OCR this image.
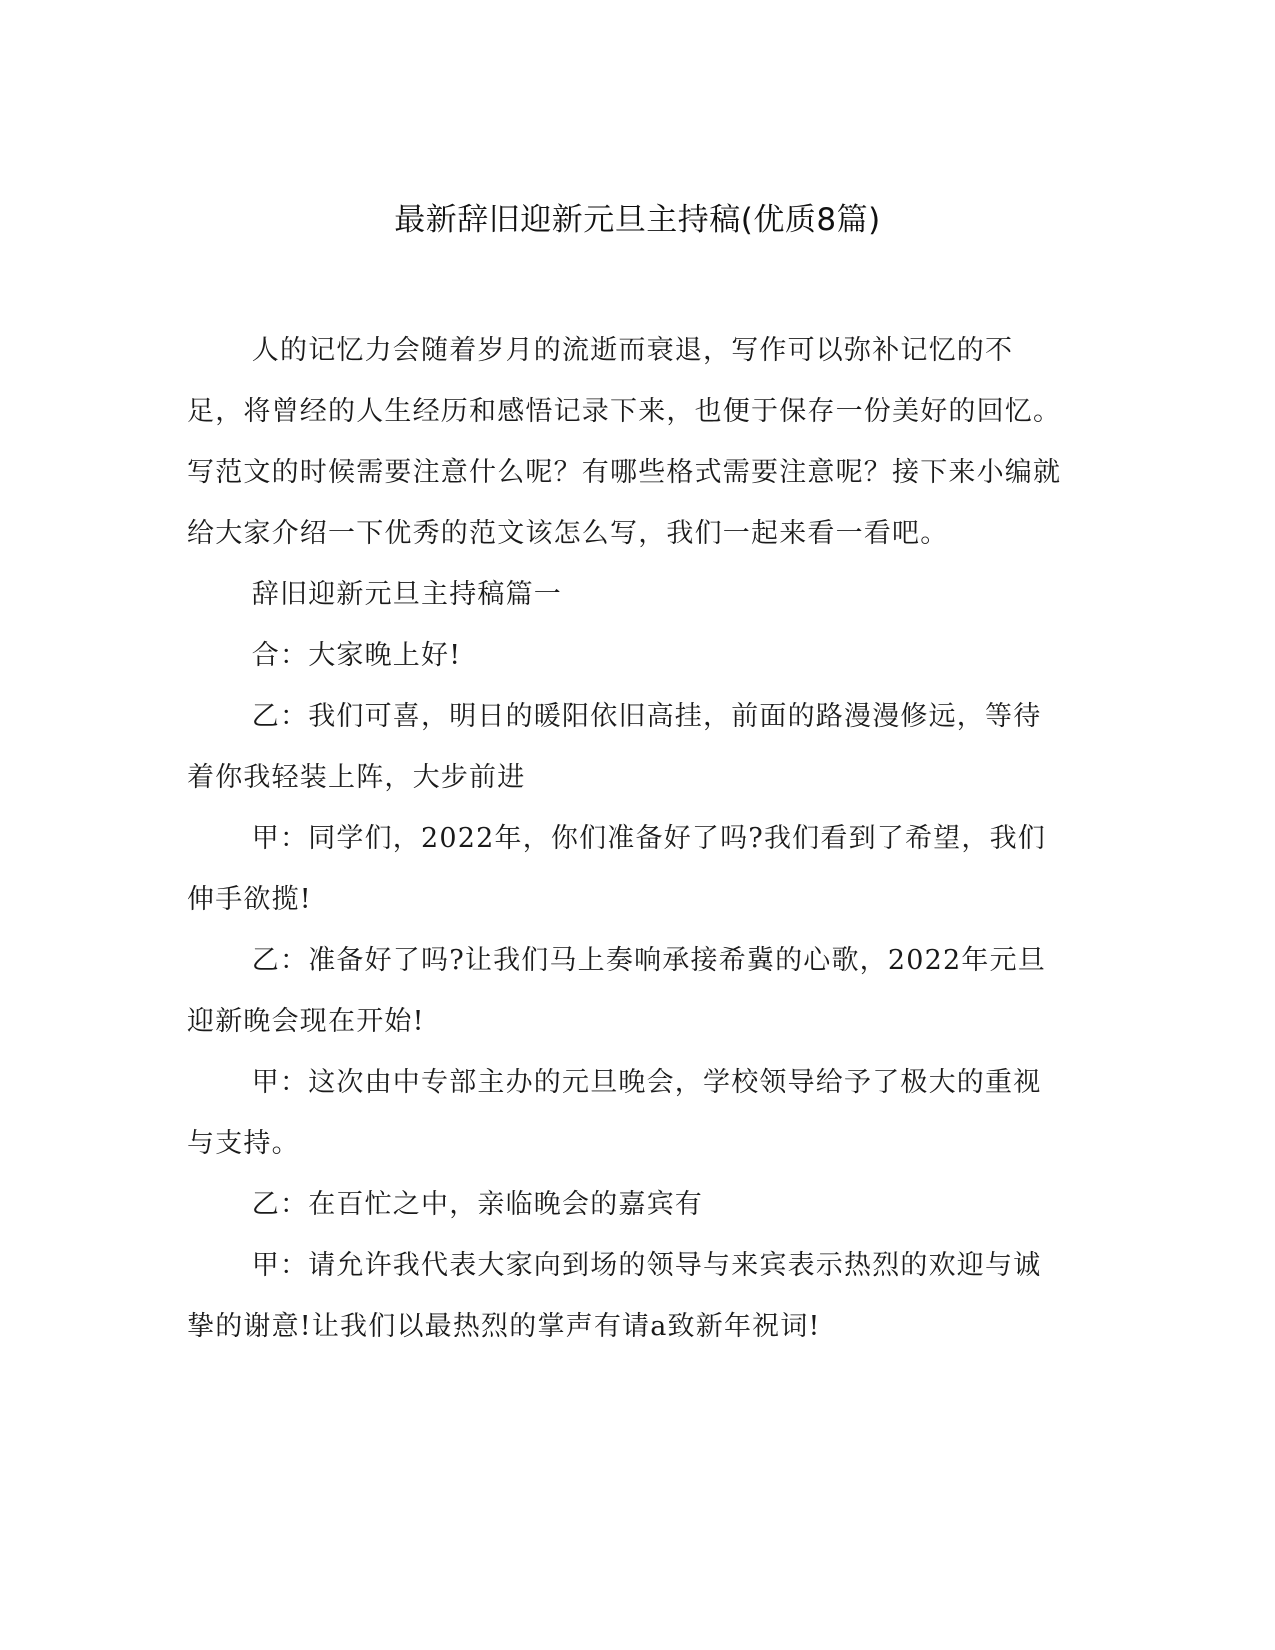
最新辞旧迎新元旦主持稿(优质8篇)

人的记忆力会随着岁月的流逝而衰退，写作可以弥补记忆的不足，将曾经的人生经历和感悟记录下来，也便于保存一份美好的回忆。写范文的时候需要注意什么呢？有哪些格式需要注意呢？接下来小编就给大家介绍一下优秀的范文该怎么写，我们一起来看一看吧。

辞旧迎新元旦主持稿篇一

合：大家晚上好!

乙：我们可喜，明日的暖阳依旧高挂，前面的路漫漫修远，等待着你我轻装上阵，大步前进

甲：同学们，2022年，你们准备好了吗?我们看到了希望，我们伸手欲揽!

乙：准备好了吗?让我们马上奏响承接希冀的心歌，2022年元旦迎新晚会现在开始!

甲：这次由中专部主办的元旦晚会，学校领导给予了极大的重视与支持。

乙：在百忙之中，亲临晚会的嘉宾有

甲：请允许我代表大家向到场的领导与来宾表示热烈的欢迎与诚挚的谢意!让我们以最热烈的掌声有请a致新年祝词!
